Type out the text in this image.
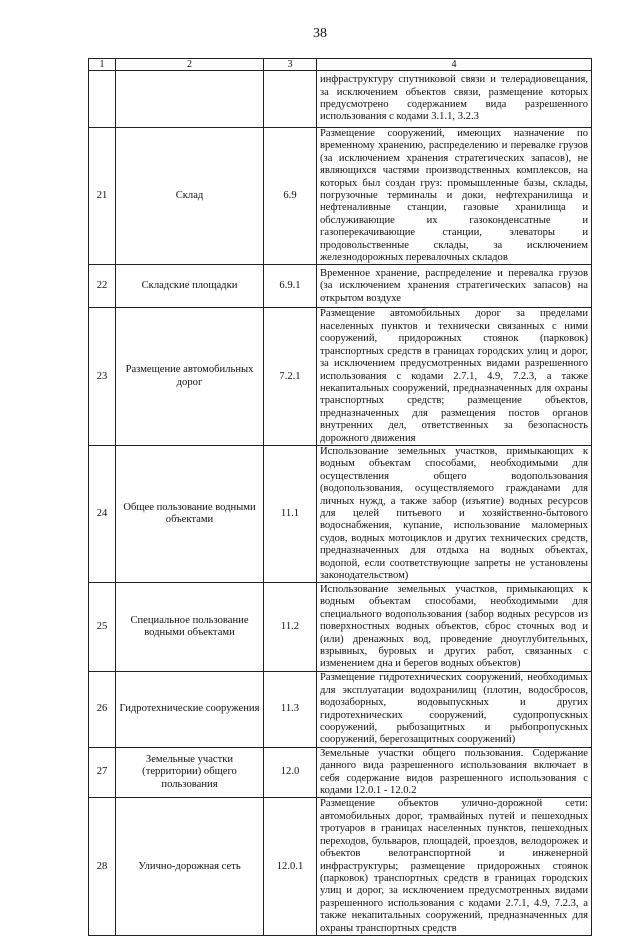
38
1	2	3	4
			инфраструктуру спутниковой связи и телерадиовещания, за исключением объектов связи, размещение которых предусмотрено содержанием вида разрешенного использования с кодами 3.1.1, 3.2.3
21	Склад	6.9	Размещение сооружений, имеющих назначение по временному хранению, распределению и перевалке грузов (за исключением хранения стратегических запасов), не являющихся частями производственных комплексов, на которых был создан груз: промышленные базы, склады, погрузочные терминалы и доки, нефтехранилища и нефтеналивные станции, газовые хранилища и обслуживающие их газоконденсатные и газоперекачивающие станции, элеваторы и продовольственные склады, за исключением железнодорожных перевалочных складов
22	Складские площадки	6.9.1	Временное хранение, распределение и перевалка грузов (за исключением хранения стратегических запасов) на открытом воздухе
23	Размещение автомобильных дорог	7.2.1	Размещение автомобильных дорог за пределами населенных пунктов и технически связанных с ними сооружений, придорожных стоянок (парковок) транспортных средств в границах городских улиц и дорог, за исключением предусмотренных видами разрешенного использования с кодами 2.7.1, 4.9, 7.2.3, а также некапитальных сооружений, предназначенных для охраны транспортных средств; размещение объектов, предназначенных для размещения постов органов внутренних дел, ответственных за безопасность дорожного движения
24	Общее пользование водными объектами	11.1	Использование земельных участков, примыкающих к водным объектам способами, необходимыми для осуществления общего водопользования (водопользования, осуществляемого гражданами для личных нужд, а также забор (изъятие) водных ресурсов для целей питьевого и хозяйственно-бытового водоснабжения, купание, использование маломерных судов, водных мотоциклов и других технических средств, предназначенных для отдыха на водных объектах, водопой, если соответствующие запреты не установлены законодательством)
25	Специальное пользование водными объектами	11.2	Использование земельных участков, примыкающих к водным объектам способами, необходимыми для специального водопользования (забор водных ресурсов из поверхностных водных объектов, сброс сточных вод и (или) дренажных вод, проведение дноуглубительных, взрывных, буровых и других работ, связанных с изменением дна и берегов водных объектов)
26	Гидротехнические сооружения	11.3	Размещение гидротехнических сооружений, необходимых для эксплуатации водохранилищ (плотин, водосбросов, водозаборных, водовыпускных и других гидротехнических сооружений, судопропускных сооружений, рыбозащитных и рыбопропускных сооружений, берегозащитных сооружений)
27	Земельные участки (территории) общего пользования	12.0	Земельные участки общего пользования. Содержание данного вида разрешенного использования включает в себя содержание видов разрешенного использования с кодами 12.0.1 - 12.0.2
28	Улично-дорожная сеть	12.0.1	Размещение объектов улично-дорожной сети: автомобильных дорог, трамвайных путей и пешеходных тротуаров в границах населенных пунктов, пешеходных переходов, бульваров, площадей, проездов, велодорожек и объектов велотранспортной и инженерной инфраструктуры; размещение придорожных стоянок (парковок) транспортных средств в границах городских улиц и дорог, за исключением предусмотренных видами разрешенного использования с кодами 2.7.1, 4.9, 7.2.3, а также некапитальных сооружений, предназначенных для охраны транспортных средств
